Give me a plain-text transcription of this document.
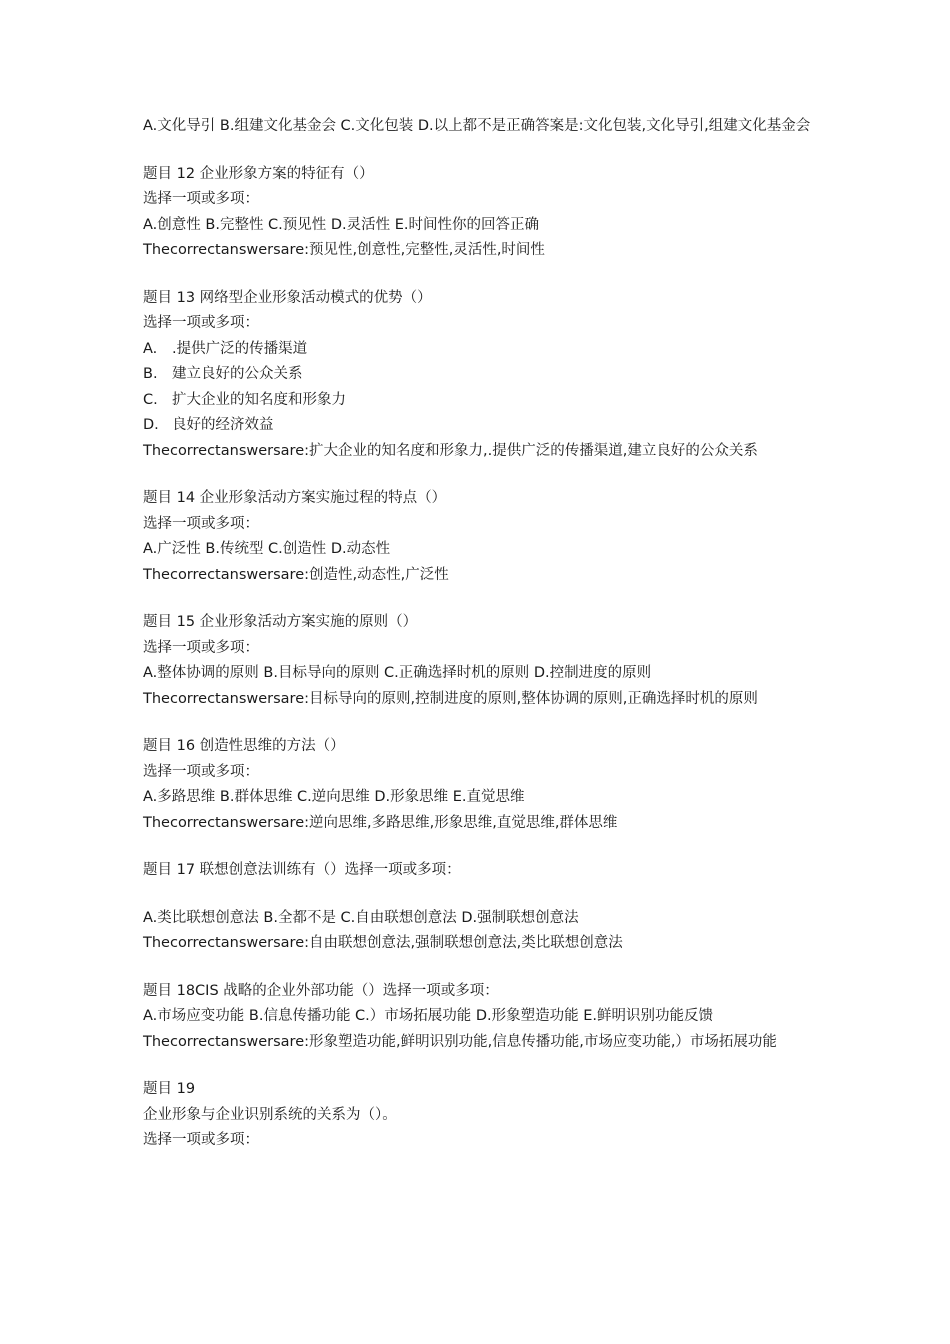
A.文化导引 B.组建文化基金会 C.文化包装 D.以上都不是正确答案是:文化包装,文化导引,组建文化基金会
题目 12 企业形象方案的特征有（）
选择一项或多项：
A.创意性 B.完整性 C.预见性 D.灵活性 E.时间性你的回答正确
Thecorrectanswersare:预见性,创意性,完整性,灵活性,时间性
题目 13 网络型企业形象活动模式的优势（）
选择一项或多项：
A.	.提供广泛的传播渠道
B. 建立良好的公众关系
C. 扩大企业的知名度和形象力
D. 良好的经济效益
Thecorrectanswersare:扩大企业的知名度和形象力,.提供广泛的传播渠道,建立良好的公众关系
题目 14 企业形象活动方案实施过程的特点（）
选择一项或多项：
A.广泛性 B.传统型 C.创造性 D.动态性
Thecorrectanswersare:创造性,动态性,广泛性
题目 15 企业形象活动方案实施的原则（）
选择一项或多项：
A.整体协调的原则 B.目标导向的原则 C.正确选择时机的原则 D.控制进度的原则
Thecorrectanswersare:目标导向的原则,控制进度的原则,整体协调的原则,正确选择时机的原则
题目 16 创造性思维的方法（）
选择一项或多项：
A.多路思维 B.群体思维 C.逆向思维 D.形象思维 E.直觉思维
Thecorrectanswersare:逆向思维,多路思维,形象思维,直觉思维,群体思维
题目 17 联想创意法训练有（）选择一项或多项：
A.类比联想创意法 B.全都不是 C.自由联想创意法 D.强制联想创意法
Thecorrectanswersare:自由联想创意法,强制联想创意法,类比联想创意法
题目 18CIS 战略的企业外部功能（）选择一项或多项：
A.市场应变功能 B.信息传播功能 C.）市场拓展功能 D.形象塑造功能 E.鲜明识别功能反馈
Thecorrectanswersare:形象塑造功能,鲜明识别功能,信息传播功能,市场应变功能,）市场拓展功能
题目 19
企业形象与企业识别系统的关系为（）。
选择一项或多项：
